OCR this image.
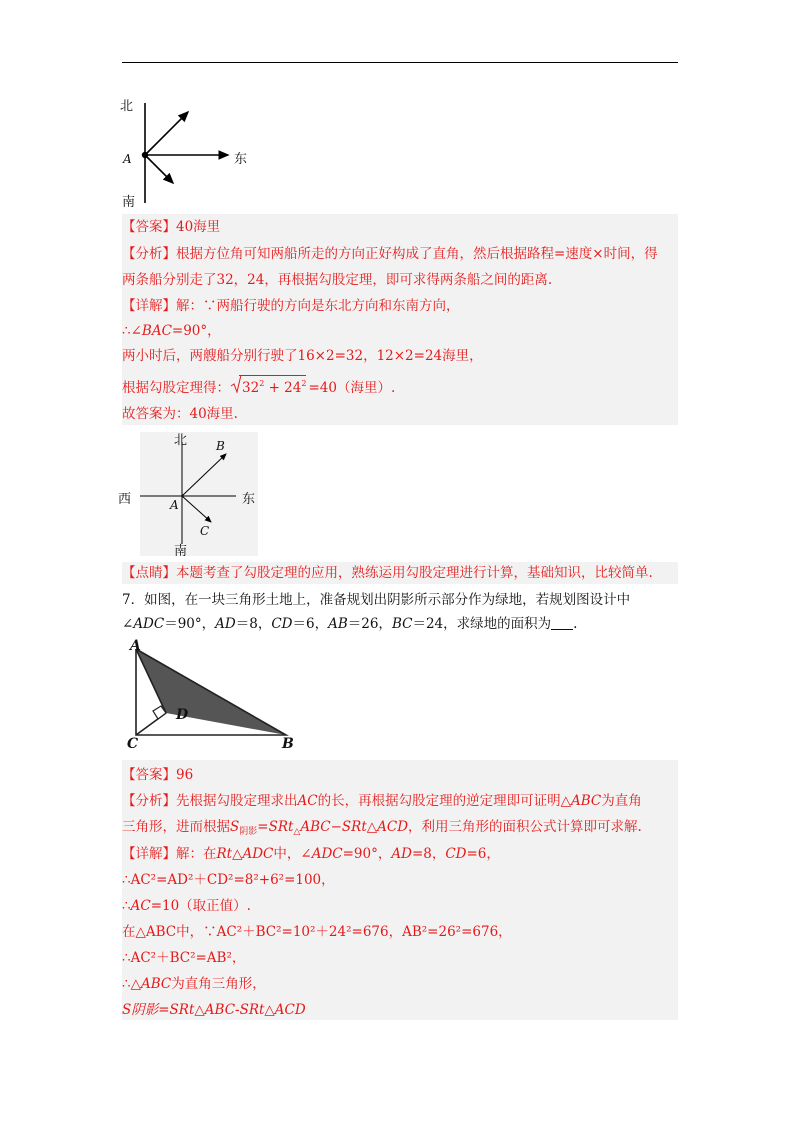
北
南
东
A
【答案】40海里
【分析】根据方位角可知两船所走的方向正好构成了直角，然后根据路程=速度×时间，得
两条船分别走了32，24，再根据勾股定理，即可求得两条船之间的距离.
【详解】解：∵两船行驶的方向是东北方向和东南方向，
∴∠BAC=90°，
两小时后，两艘船分别行驶了16×2=32，12×2=24海里，
根据勾股定理得： $32^2 + 24^2 =40$（海里）.
故答案为：40海里.
北
南
东
西	A
B
C
【点睛】本题考查了勾股定理的应用，熟练运用勾股定理进行计算，基础知识，比较简单.
7．如图，在一块三角形土地上，准备规划出阴影所示部分作为绿地，若规划图设计中
∠ADC＝90°，AD＝8，CD＝6，AB＝26，BC＝24，求绿地的面积为 .
A
C	B
D
【答案】96
【分析】先根据勾股定理求出AC的长，再根据勾股定理的逆定理即可证明△ABC为直角
三角形，进而根据$S_{阴影}=SRt_\triangle ABC-SRt\triangle ACD$，利用三角形的面积公式计算即可求解.
【详解】解：在Rt△ADC中，∠ADC=90°，AD=8，CD=6，
∴AC²=AD²＋CD²=8²+6²=100，
∴AC=10（取正值）.
在△ABC中，∵AC²＋BC²=10²＋24²=676，AB²=26²=676，
∴AC²＋BC²=AB²，
∴△ABC为直角三角形，
S阴影=SRt△ABC-SRt△ACD
